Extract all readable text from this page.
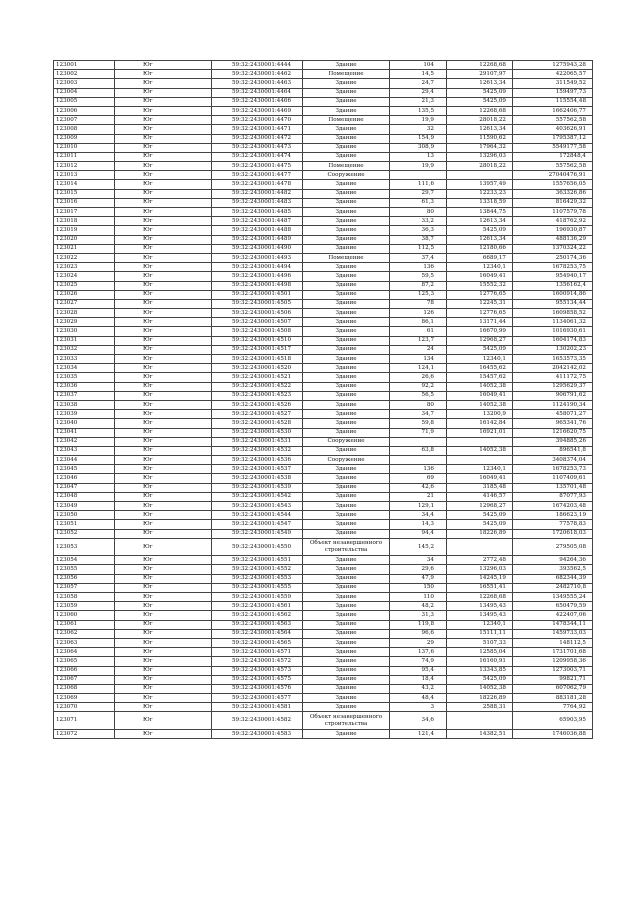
123001	Юг	59:32:2430001:4444	Здание	104	12268,68	1275943,28
123002	Юг	59:32:2430001:4462	Помещение	14,5	29107,97	422065,57
123003	Юг	59:32:2430001:4463	Здание	24,7	12613,34	311549,52
123004	Юг	59:32:2430001:4464	Здание	29,4	5425,09	159497,73
123005	Юг	59:32:2430001:4466	Здание	21,3	5425,09	115554,48
123006	Юг	59:32:2430001:4469	Здание	135,5	12268,68	1662406,77
123007	Юг	59:32:2430001:4470	Помещение	19,9	28018,22	557562,58
123008	Юг	59:32:2430001:4471	Здание	32	12613,34	403626,91
123009	Юг	59:32:2430001:4472	Здание	154,9	11590,62	1795387,12
123010	Юг	59:32:2430001:4473	Здание	308,9	17964,32	5549177,58
123011	Юг	59:32:2430001:4474	Здание	13	13296,03	172848,4
123012	Юг	59:32:2430001:4475	Помещение	19,9	28018,22	557562,58
123013	Юг	59:32:2430001:4477	Сооружение			27040476,91
123014	Юг	59:32:2430001:4478	Здание	111,6	13957,49	1557656,05
123015	Юг	59:32:2430001:4482	Здание	29,7	12233,23	363326,86
123016	Юг	59:32:2430001:4483	Здание	61,3	13318,59	816429,32
123017	Юг	59:32:2430001:4485	Здание	80	13844,75	1107579,78
123018	Юг	59:32:2430001:4487	Здание	33,2	12613,34	418762,92
123019	Юг	59:32:2430001:4488	Здание	36,3	5425,09	196930,87
123020	Юг	59:32:2430001:4489	Здание	38,7	12613,34	488136,29
123021	Юг	59:32:2430001:4490	Здание	112,5	12180,66	1370324,22
123022	Юг	59:32:2430001:4493	Помещение	37,4	6689,17	250174,36
123023	Юг	59:32:2430001:4494	Здание	136	12340,1	1678253,75
123024	Юг	59:32:2430001:4496	Здание	59,5	16049,41	954940,17
123025	Юг	59:32:2430001:4498	Здание	87,2	15552,32	1356162,4
123026	Юг	59:32:2430001:4501	Здание	125,3	12776,65	1600914,86
123027	Юг	59:32:2430001:4505	Здание	78	12245,31	955134,44
123028	Юг	59:32:2430001:4506	Здание	126	12776,65	1609858,52
123029	Юг	59:32:2430001:4507	Здание	86,1	13171,44	1134061,32
123030	Юг	59:32:2430001:4508	Здание	61	16670,99	1016930,61
123031	Юг	59:32:2430001:4510	Здание	123,7	12968,27	1604174,83
123032	Юг	59:32:2430001:4517	Здание	24	5425,09	130202,23
123033	Юг	59:32:2430001:4518	Здание	134	12340,1	1653573,35
123034	Юг	59:32:2430001:4520	Здание	124,1	16455,62	2042142,02
123035	Юг	59:32:2430001:4521	Здание	26,6	15457,62	411172,75
123036	Юг	59:32:2430001:4522	Здание	92,2	14052,38	1295629,37
123037	Юг	59:32:2430001:4523	Здание	56,5	16049,41	906791,62
123038	Юг	59:32:2430001:4526	Здание	80	14052,38	1124190,34
123039	Юг	59:32:2430001:4527	Здание	34,7	13200,9	458071,27
123040	Юг	59:32:2430001:4528	Здание	59,8	16142,84	965341,76
123041	Юг	59:32:2430001:4530	Здание	71,9	16921,01	1216620,75
123042	Юг	59:32:2430001:4531	Сооружение			394885,26
123043	Юг	59:32:2430001:4532	Здание	63,8	14052,38	896541,8
123044	Юг	59:32:2430001:4536	Сооружение			3408374,04
123045	Юг	59:32:2430001:4537	Здание	136	12340,1	1678253,73
123046	Юг	59:32:2430001:4538	Здание	69	16049,41	1107409,61
123047	Юг	59:32:2430001:4539	Здание	42,6	3185,48	135701,48
123048	Юг	59:32:2430001:4542	Здание	21	4146,57	87077,93
123049	Юг	59:32:2430001:4543	Здание	129,1	12968,27	1674203,48
123050	Юг	59:32:2430001:4544	Здание	34,4	5425,09	186623,19
123051	Юг	59:32:2430001:4547	Здание	14,3	5425,09	77578,83
123052	Юг	59:32:2430001:4549	Здание	94,4	18226,89	1720618,03
123053	Юг	59:32:2430001:4550	Объект незавершенного строительства	145,2		279505,08
123054	Юг	59:32:2430001:4551	Здание	34	2772,48	94264,36
123055	Юг	59:32:2430001:4552	Здание	29,6	13296,03	393562,5
123056	Юг	59:32:2430001:4553	Здание	47,9	14245,19	682344,39
123057	Юг	59:32:2430001:4555	Здание	150	16551,41	2482710,8
123058	Юг	59:32:2430001:4559	Здание	110	12268,68	1349555,24
123059	Юг	59:32:2430001:4561	Здание	48,2	13495,43	650479,59
123060	Юг	59:32:2430001:4562	Здание	31,3	13495,43	422407,06
123061	Юг	59:32:2430001:4563	Здание	119,8	12340,1	1478344,11
123062	Юг	59:32:2430001:4564	Здание	96,6	15111,11	1459733,03
123063	Юг	59:32:2430001:4565	Здание	29	5107,33	148112,5
123064	Юг	59:32:2430001:4571	Здание	137,6	12585,04	1731701,68
123065	Юг	59:32:2430001:4572	Здание	74,9	16160,91	1209958,36
123066	Юг	59:32:2430001:4573	Здание	95,4	13343,85	1273003,71
123067	Юг	59:32:2430001:4575	Здание	18,4	5425,09	99821,71
123068	Юг	59:32:2430001:4576	Здание	43,2	14052,38	607062,79
123069	Юг	59:32:2430001:4577	Здание	48,4	18226,89	883181,28
123070	Юг	59:32:2430001:4581	Здание	3	2588,31	7764,92
123071	Юг	59:32:2430001:4582	Объект незавершенного строительства	34,6		65903,95
123072	Юг	59:32:2430001:4583	Здание	121,4	14382,51	1746036,88
